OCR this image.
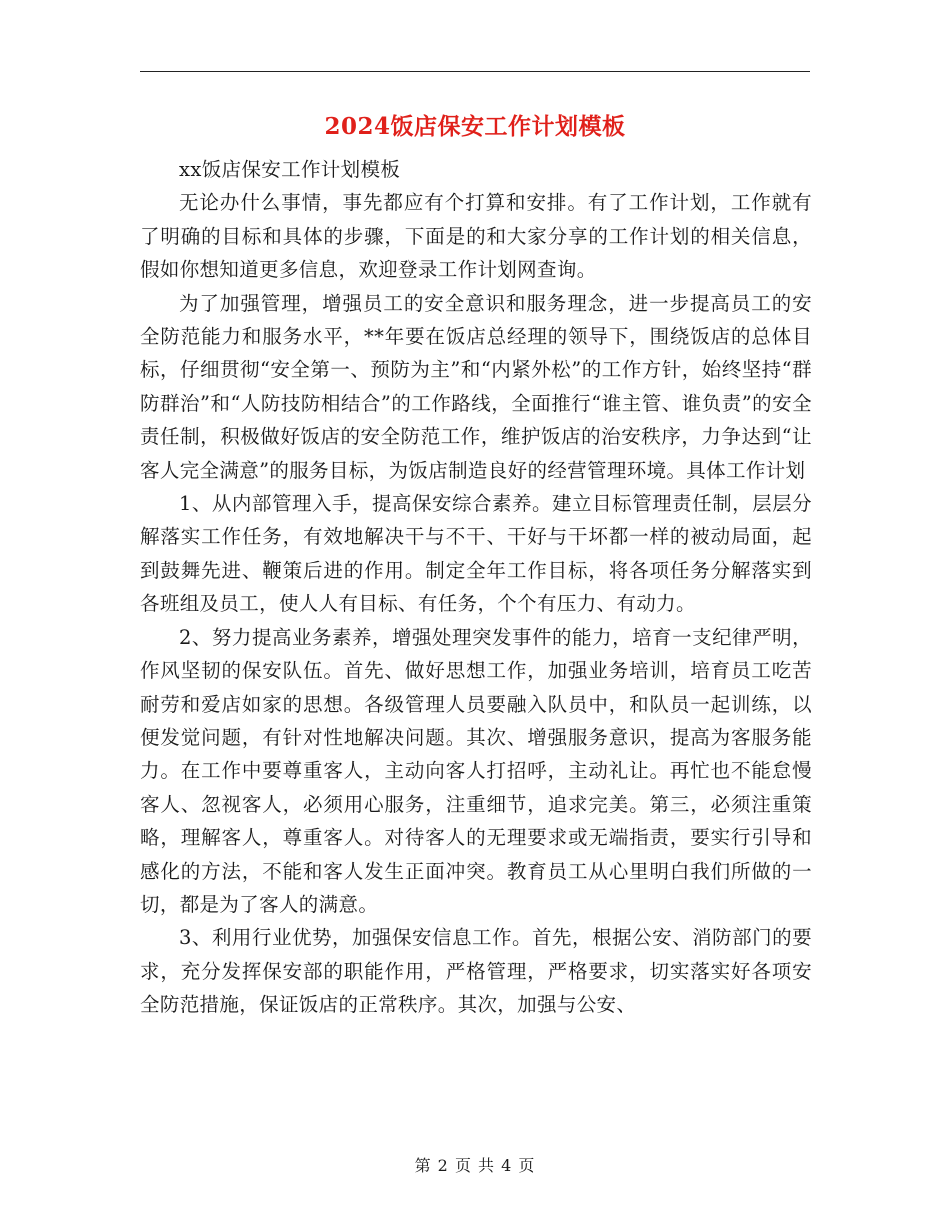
2024饭店保安工作计划模板

xx饭店保安工作计划模板

无论办什么事情，事先都应有个打算和安排。有了工作计划，工作就有了明确的目标和具体的步骤，下面是的和大家分享的工作计划的相关信息，假如你想知道更多信息，欢迎登录工作计划网查询。

为了加强管理，增强员工的安全意识和服务理念，进一步提高员工的安全防范能力和服务水平，**年要在饭店总经理的领导下，围绕饭店的总体目标，仔细贯彻“安全第一、预防为主”和“内紧外松”的工作方针，始终坚持“群防群治”和“人防技防相结合”的工作路线，全面推行“谁主管、谁负责”的安全责任制，积极做好饭店的安全防范工作，维护饭店的治安秩序，力争达到“让客人完全满意”的服务目标，为饭店制造良好的经营管理环境。具体工作计划

1、从内部管理入手，提高保安综合素养。建立目标管理责任制，层层分解落实工作任务，有效地解决干与不干、干好与干坏都一样的被动局面，起到鼓舞先进、鞭策后进的作用。制定全年工作目标，将各项任务分解落实到各班组及员工，使人人有目标、有任务，个个有压力、有动力。

2、努力提高业务素养，增强处理突发事件的能力，培育一支纪律严明，作风坚韧的保安队伍。首先、做好思想工作，加强业务培训，培育员工吃苦耐劳和爱店如家的思想。各级管理人员要融入队员中，和队员一起训练，以便发觉问题，有针对性地解决问题。其次、增强服务意识，提高为客服务能力。在工作中要尊重客人，主动向客人打招呼，主动礼让。再忙也不能怠慢客人、忽视客人，必须用心服务，注重细节，追求完美。第三，必须注重策略，理解客人，尊重客人。对待客人的无理要求或无端指责，要实行引导和感化的方法，不能和客人发生正面冲突。教育员工从心里明白我们所做的一切，都是为了客人的满意。

3、利用行业优势，加强保安信息工作。首先，根据公安、消防部门的要求，充分发挥保安部的职能作用，严格管理，严格要求，切实落实好各项安全防范措施，保证饭店的正常秩序。其次，加强与公安、

第 2 页 共 4 页
